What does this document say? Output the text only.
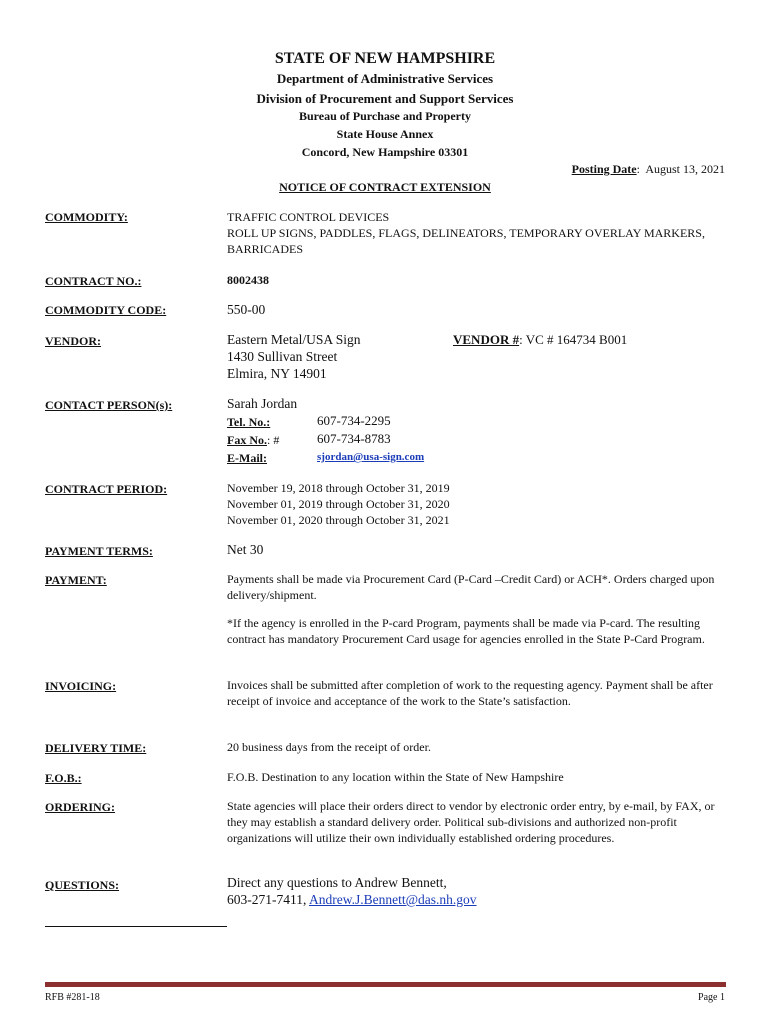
STATE OF NEW HAMPSHIRE
Department of Administrative Services
Division of Procurement and Support Services
Bureau of Purchase and Property
State House Annex
Concord, New Hampshire 03301
Posting Date: August 13, 2021
NOTICE OF CONTRACT EXTENSION
COMMODITY:	TRAFFIC CONTROL DEVICES
ROLL UP SIGNS, PADDLES, FLAGS, DELINEATORS, TEMPORARY OVERLAY MARKERS,
BARRICADES
CONTRACT NO.:	8002438
COMMODITY CODE:	550-00
VENDOR:	Eastern Metal/USA Sign
1430 Sullivan Street
Elmira, NY 14901
VENDOR #: VC # 164734 B001
CONTACT PERSON(s):	Sarah Jordan
Tel. No.:	607-734-2295
Fax No.: #	607-734-8783
E-Mail:	sjordan@usa-sign.com
CONTRACT PERIOD:	November 19, 2018 through October 31, 2019
November 01, 2019 through October 31, 2020
November 01, 2020 through October 31, 2021
PAYMENT TERMS:	Net 30
PAYMENT:	Payments shall be made via Procurement Card (P-Card –Credit Card) or ACH*. Orders charged upon delivery/shipment.
*If the agency is enrolled in the P-card Program, payments shall be made via P-card. The resulting contract has mandatory Procurement Card usage for agencies enrolled in the State P-Card Program.
INVOICING:	Invoices shall be submitted after completion of work to the requesting agency. Payment shall be after receipt of invoice and acceptance of the work to the State’s satisfaction.
DELIVERY TIME:	20 business days from the receipt of order.
F.O.B.:	F.O.B. Destination to any location within the State of New Hampshire
ORDERING:	State agencies will place their orders direct to vendor by electronic order entry, by e-mail, by FAX, or they may establish a standard delivery order. Political sub-divisions and authorized non-profit organizations will utilize their own individually established ordering procedures.
QUESTIONS:	Direct any questions to Andrew Bennett,
603-271-7411, Andrew.J.Bennett@das.nh.gov
RFB #281-18	Page 1
